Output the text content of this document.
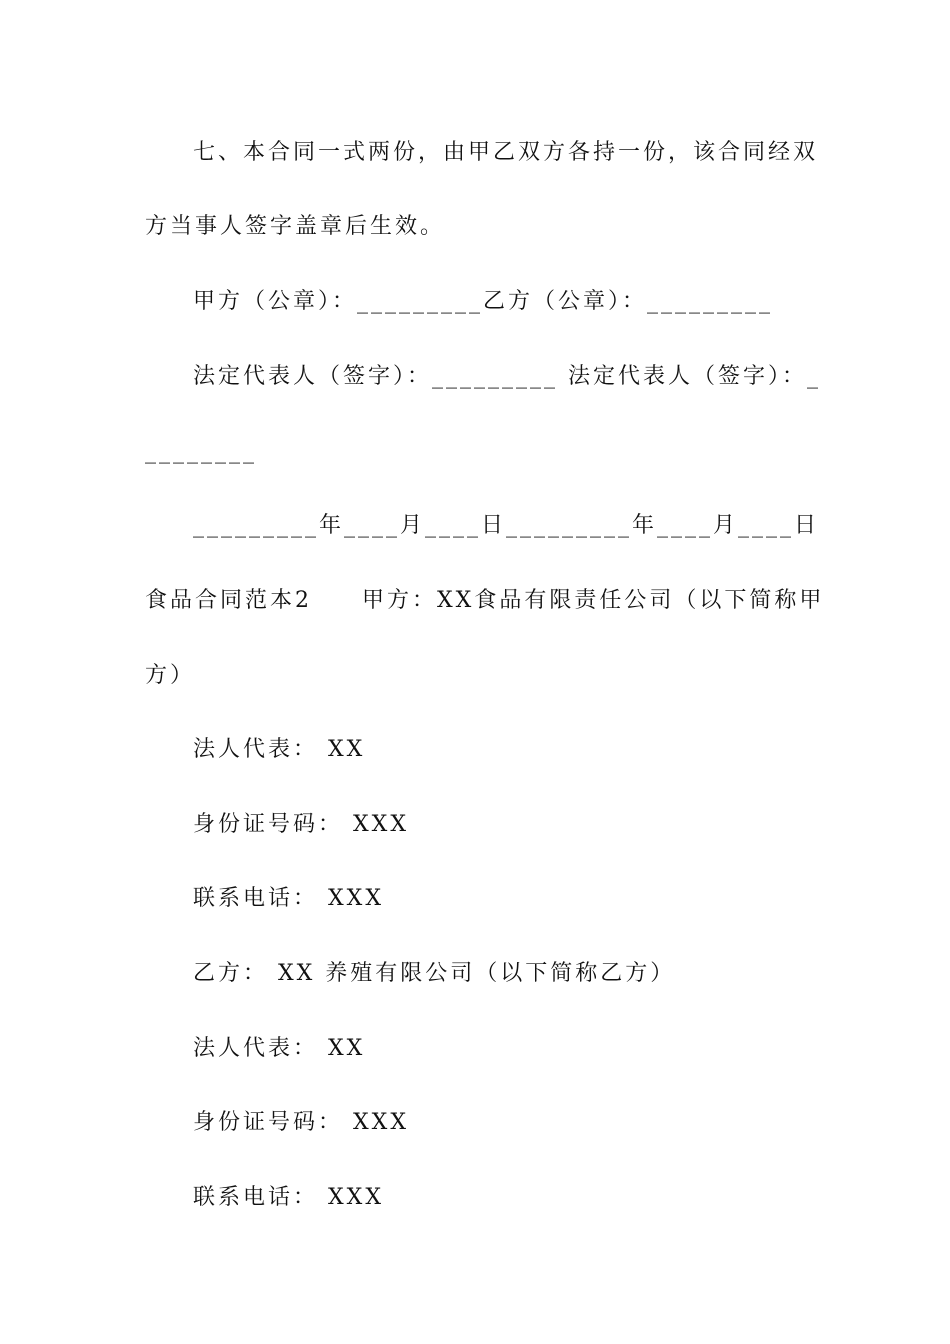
七、本合同一式两份，由甲乙双方各持一份，该合同经双
方当事人签字盖章后生效。
甲方（公章）：_________乙方（公章）：_________
法定代表人（签字）：_________ 法定代表人（签字）：_
________
_________年____月____日_________年____月____日
食品合同范本2　　甲方：XX食品有限责任公司（以下简称甲
方）
法人代表： XX
身份证号码： XXX
联系电话： XXX
乙方： XX 养殖有限公司（以下简称乙方）
法人代表： XX
身份证号码： XXX
联系电话： XXX
